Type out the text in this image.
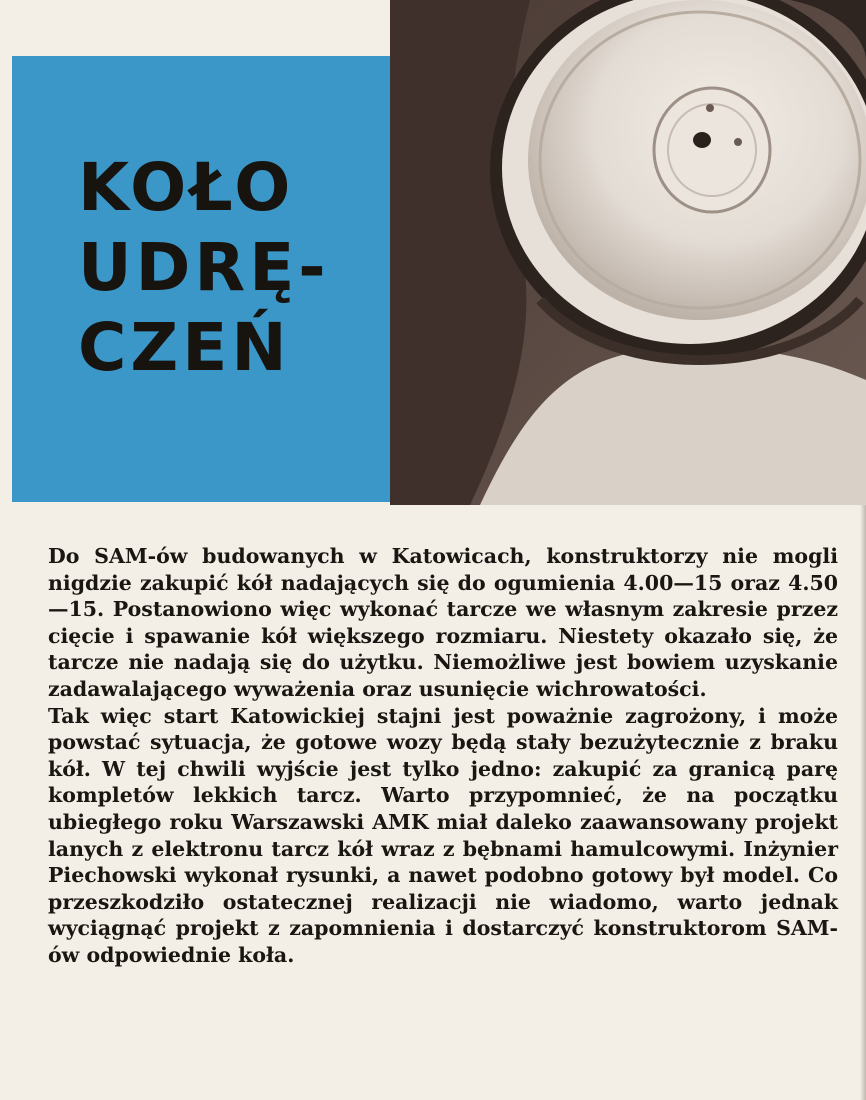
KOŁO
UDRĘ-
CZEŃ

Do SAM-ów budowanych w Katowicach, konstruktorzy nie mogli nigdzie zakupić kół nadających się do ogumienia 4.00—15 oraz 4.50—15. Postanowiono więc wykonać tarcze we własnym zakresie przez cięcie i spawanie kół większego rozmiaru. Niestety okazało się, że tarcze nie nadają się do użytku. Niemożliwe jest bowiem uzyskanie zadawalającego wyważenia oraz usunięcie wichrowatości.

Tak więc start Katowickiej stajni jest poważnie zagrożony, i może powstać sytuacja, że gotowe wozy będą stały bezużytecznie z braku kół. W tej chwili wyjście jest tylko jedno: zakupić za granicą parę kompletów lekkich tarcz. Warto przypomnieć, że na początku ubiegłego roku Warszawski AMK miał daleko zaawansowany projekt lanych z elektronu tarcz kół wraz z bębnami hamulcowymi. Inżynier Piechowski wykonał rysunki, a nawet podobno gotowy był model. Co przeszkodziło ostatecznej realizacji nie wiadomo, warto jednak wyciągnąć projekt z zapomnienia i dostarczyć konstruktorom SAM-ów odpowiednie koła.
